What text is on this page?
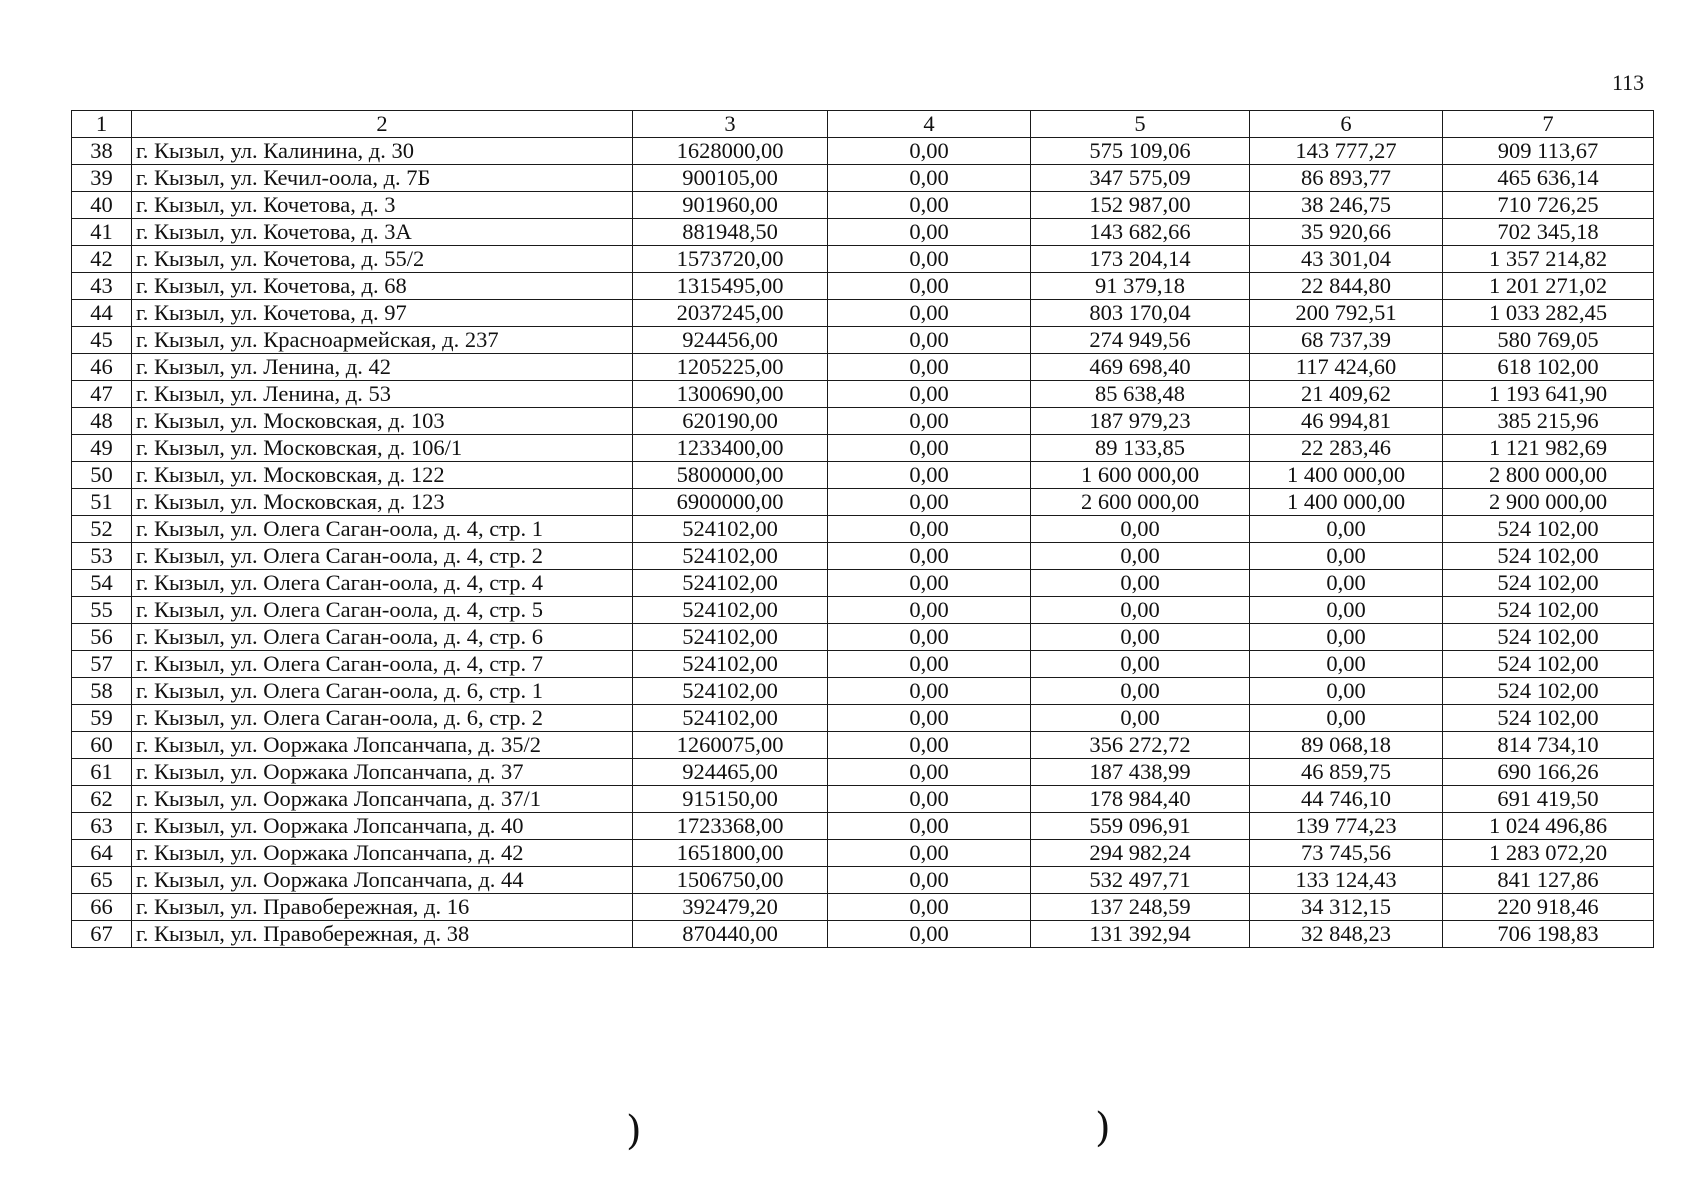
113
1	2	3	4	5	6	7
38	г. Кызыл, ул. Калинина, д. 30	1628000,00	0,00	575 109,06	143 777,27	909 113,67
39	г. Кызыл, ул. Кечил-оола, д. 7Б	900105,00	0,00	347 575,09	86 893,77	465 636,14
40	г. Кызыл, ул. Кочетова, д. 3	901960,00	0,00	152 987,00	38 246,75	710 726,25
41	г. Кызыл, ул. Кочетова, д. 3А	881948,50	0,00	143 682,66	35 920,66	702 345,18
42	г. Кызыл, ул. Кочетова, д. 55/2	1573720,00	0,00	173 204,14	43 301,04	1 357 214,82
43	г. Кызыл, ул. Кочетова, д. 68	1315495,00	0,00	91 379,18	22 844,80	1 201 271,02
44	г. Кызыл, ул. Кочетова, д. 97	2037245,00	0,00	803 170,04	200 792,51	1 033 282,45
45	г. Кызыл, ул. Красноармейская, д. 237	924456,00	0,00	274 949,56	68 737,39	580 769,05
46	г. Кызыл, ул. Ленина, д. 42	1205225,00	0,00	469 698,40	117 424,60	618 102,00
47	г. Кызыл, ул. Ленина, д. 53	1300690,00	0,00	85 638,48	21 409,62	1 193 641,90
48	г. Кызыл, ул. Московская, д. 103	620190,00	0,00	187 979,23	46 994,81	385 215,96
49	г. Кызыл, ул. Московская, д. 106/1	1233400,00	0,00	89 133,85	22 283,46	1 121 982,69
50	г. Кызыл, ул. Московская, д. 122	5800000,00	0,00	1 600 000,00	1 400 000,00	2 800 000,00
51	г. Кызыл, ул. Московская, д. 123	6900000,00	0,00	2 600 000,00	1 400 000,00	2 900 000,00
52	г. Кызыл, ул. Олега Саган-оола, д. 4, стр. 1	524102,00	0,00	0,00	0,00	524 102,00
53	г. Кызыл, ул. Олега Саган-оола, д. 4, стр. 2	524102,00	0,00	0,00	0,00	524 102,00
54	г. Кызыл, ул. Олега Саган-оола, д. 4, стр. 4	524102,00	0,00	0,00	0,00	524 102,00
55	г. Кызыл, ул. Олега Саган-оола, д. 4, стр. 5	524102,00	0,00	0,00	0,00	524 102,00
56	г. Кызыл, ул. Олега Саган-оола, д. 4, стр. 6	524102,00	0,00	0,00	0,00	524 102,00
57	г. Кызыл, ул. Олега Саган-оола, д. 4, стр. 7	524102,00	0,00	0,00	0,00	524 102,00
58	г. Кызыл, ул. Олега Саган-оола, д. 6, стр. 1	524102,00	0,00	0,00	0,00	524 102,00
59	г. Кызыл, ул. Олега Саган-оола, д. 6, стр. 2	524102,00	0,00	0,00	0,00	524 102,00
60	г. Кызыл, ул. Ооржака Лопсанчапа, д. 35/2	1260075,00	0,00	356 272,72	89 068,18	814 734,10
61	г. Кызыл, ул. Ооржака Лопсанчапа, д. 37	924465,00	0,00	187 438,99	46 859,75	690 166,26
62	г. Кызыл, ул. Ооржака Лопсанчапа, д. 37/1	915150,00	0,00	178 984,40	44 746,10	691 419,50
63	г. Кызыл, ул. Ооржака Лопсанчапа, д. 40	1723368,00	0,00	559 096,91	139 774,23	1 024 496,86
64	г. Кызыл, ул. Ооржака Лопсанчапа, д. 42	1651800,00	0,00	294 982,24	73 745,56	1 283 072,20
65	г. Кызыл, ул. Ооржака Лопсанчапа, д. 44	1506750,00	0,00	532 497,71	133 124,43	841 127,86
66	г. Кызыл, ул. Правобережная, д. 16	392479,20	0,00	137 248,59	34 312,15	220 918,46
67	г. Кызыл, ул. Правобережная, д. 38	870440,00	0,00	131 392,94	32 848,23	706 198,83
)	)
